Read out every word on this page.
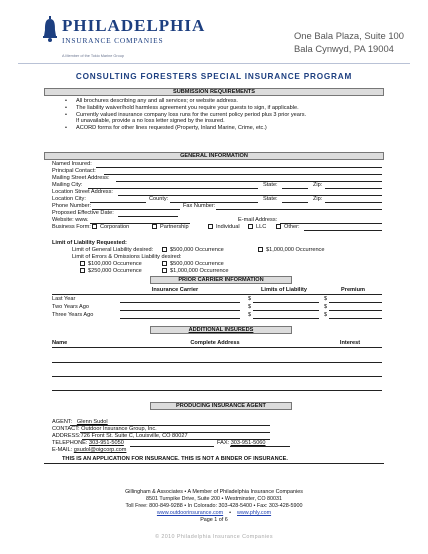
PHILADELPHIA
INSURANCE COMPANIES
A Member of the Tokio Marine Group
One Bala Plaza, Suite 100
Bala Cynwyd, PA 19004
CONSULTING FORESTERS SPECIAL INSURANCE PROGRAM
SUBMISSION REQUIREMENTS
• All brochures describing any and all services; or website address.
• The liability waiver/hold harmless agreement you require your guests to sign, if applicable.
• Currently valued insurance company loss runs for the current policy period plus 3 prior years.
If unavailable, provide a no loss letter signed by the insured.
• ACORD forms for other lines requested (Property, Inland Marine, Crime, etc.)
GENERAL INFORMATION
Named Insured:
Principal Contact:
Mailing Street Address:
Mailing City:	State:	Zip:
Location Street Address:
Location City:	County:	State:	Zip:
Phone Number:	Fax Number:
Proposed Effective Date:
Website: www.	E-mail Address:
Business Form: Corporation	Partnership	Individual	LLC	Other:
Limit of Liability Requested:
Limit of General Liability desired:	$500,000 Occurrence	$1,000,000 Occurrence
Limit of Errors & Omissions Liability desired:
$100,000 Occurrence	$500,000 Occurrence
$250,000 Occurrence	$1,000,000 Occurrence
PRIOR CARRIER INFORMATION
Insurance Carrier	Limits of Liability	Premium
Last Year	$	$
Two Years Ago	$	$
Three Years Ago	$	$
ADDITIONAL INSUREDS
Name	Complete Address	Interest
PRODUCING INSURANCE AGENT
AGENT: Glenn Sudol
CONTACT: Outdoor Insurance Group, Inc.
ADDRESS:726 Front St. Suite C, Louisville, CO 80027
TELEPHONE: 303-951-5050	FAX: 303-951-5060
E-MAIL: gsudol@oigcorp.com
THIS IS AN APPLICATION FOR INSURANCE. THIS IS NOT A BINDER OF INSURANCE.
Gillingham & Associates • A Member of Philadelphia Insurance Companies
8501 Turnpike Drive, Suite 200 • Westminster, CO 80031
Toll Free: 800-849-9288 • In Colorado: 303-428-5400 • Fax: 303-428-5900
www.outdoorinsurance.com • www.phly.com
Page 1 of 6
© 2010 Philadelphia Insurance Companies
